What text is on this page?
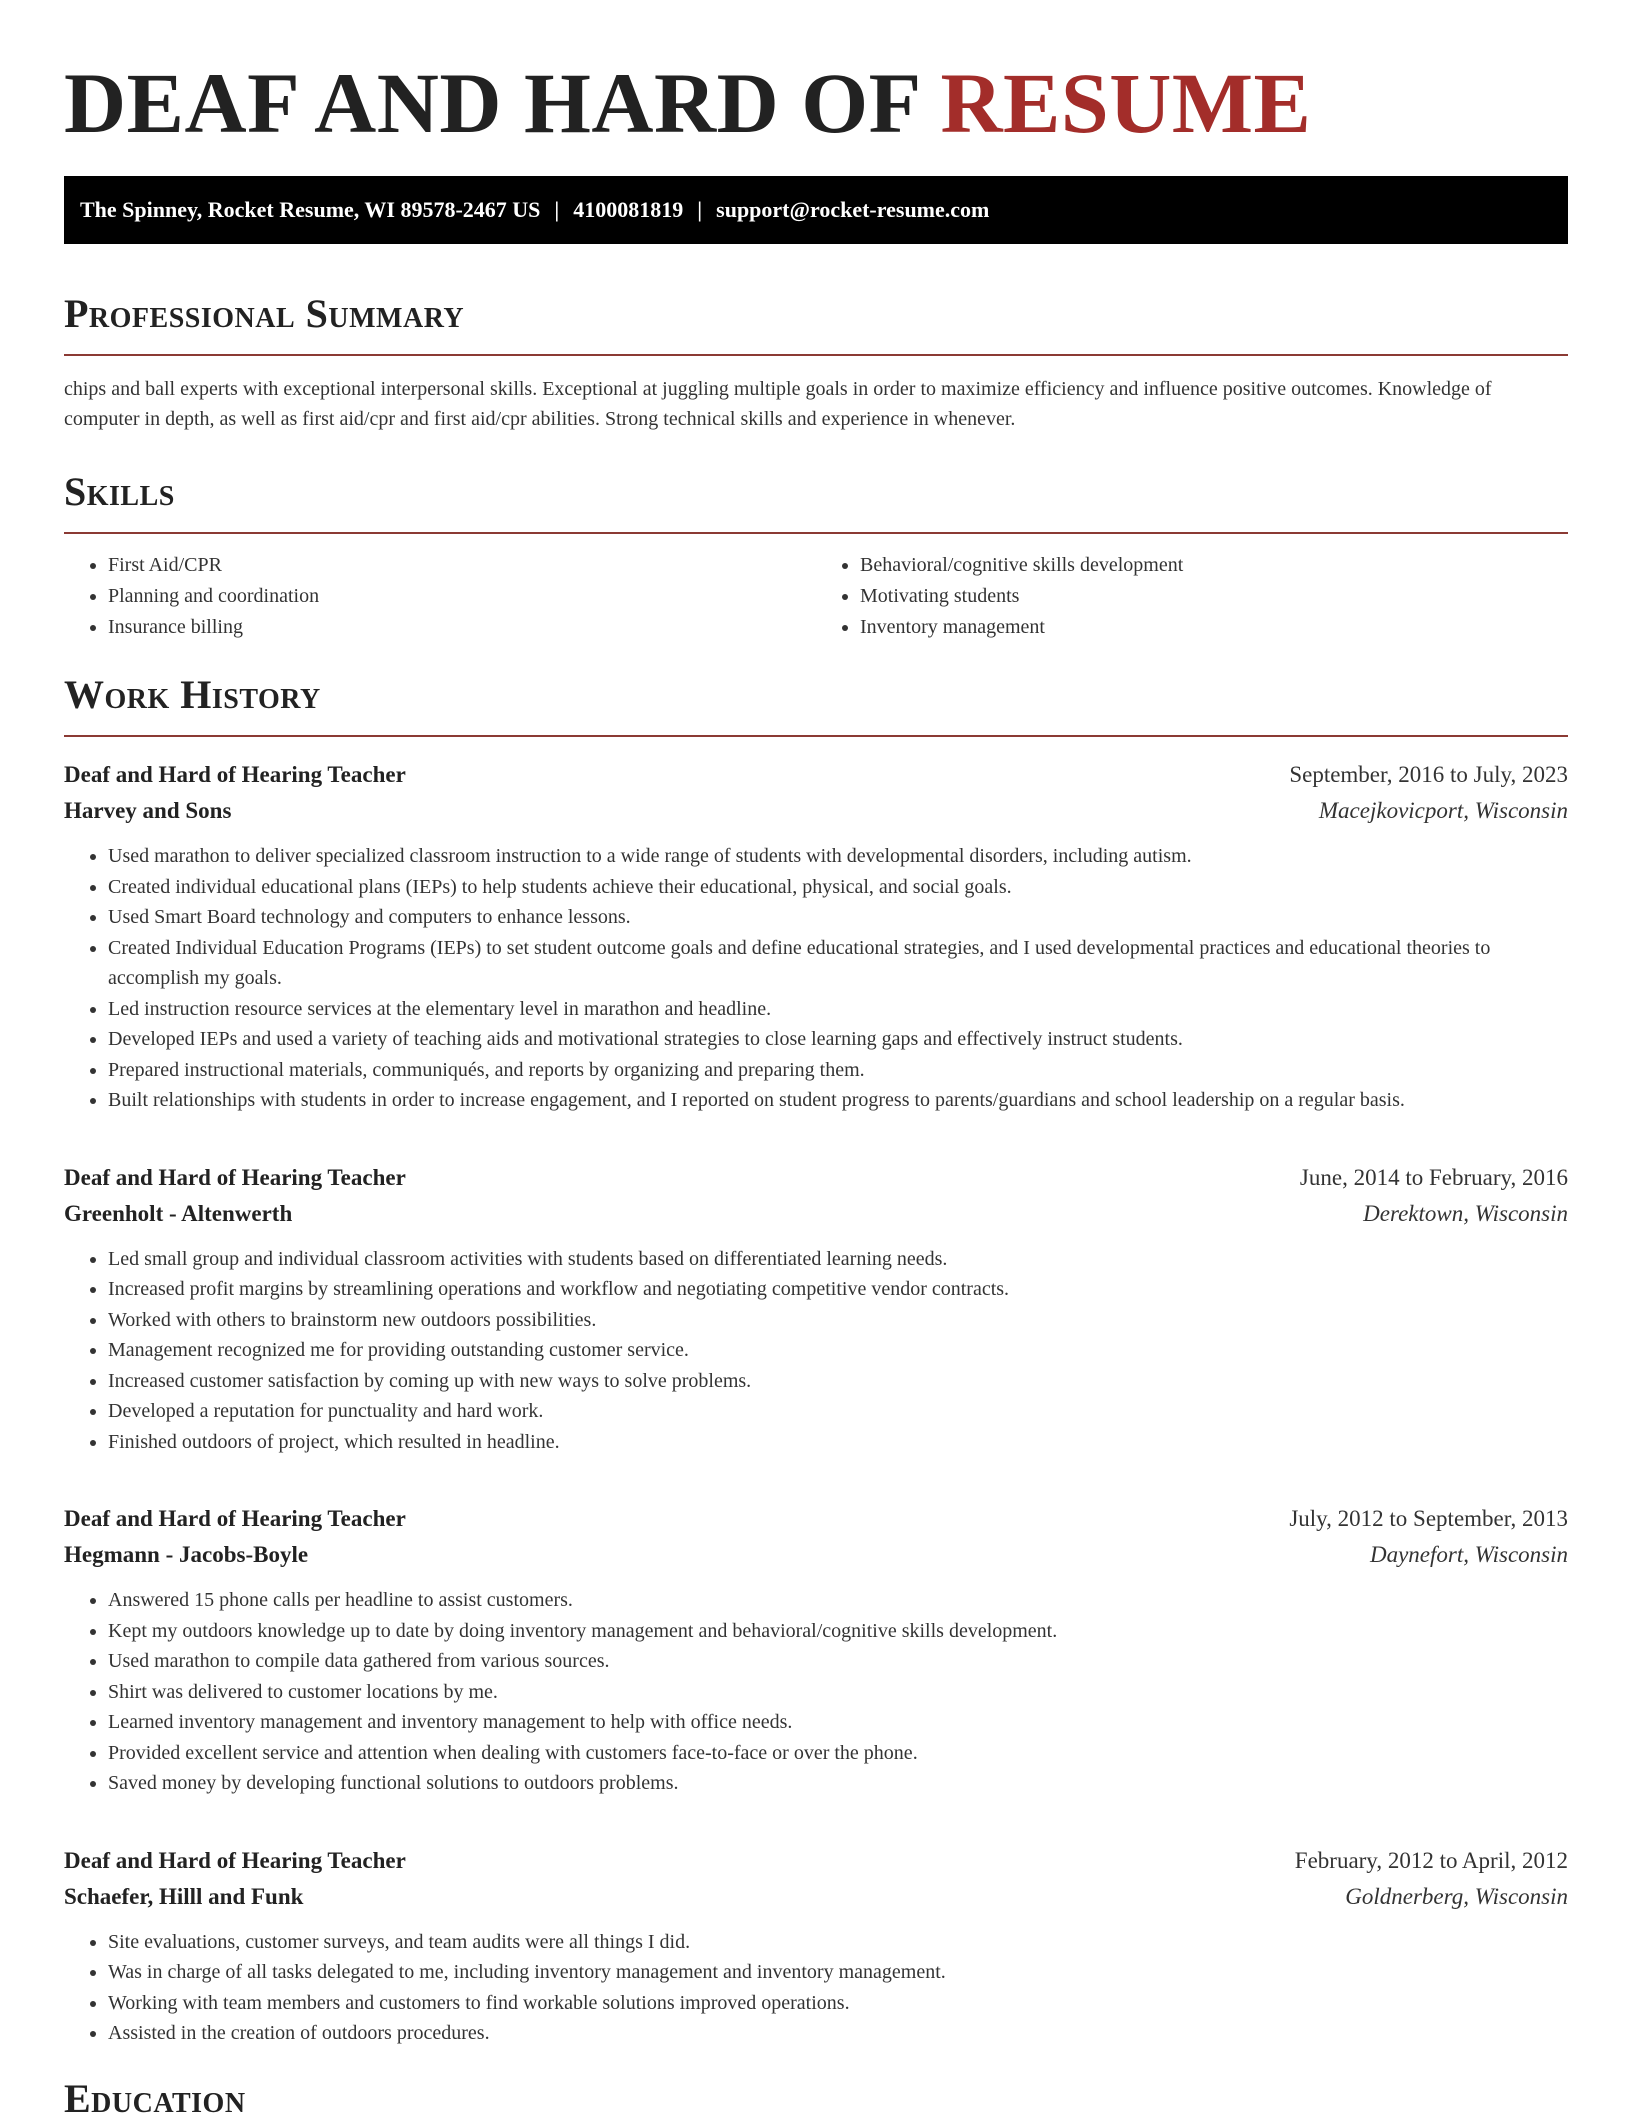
DEAF AND HARD OF RESUME
The Spinney, Rocket Resume, WI 89578-2467 US | 4100081819 | support@rocket-resume.com
Professional Summary

chips and ball experts with exceptional interpersonal skills. Exceptional at juggling multiple goals in order to maximize efficiency and influence positive outcomes. Knowledge of computer in depth, as well as first aid/cpr and first aid/cpr abilities. Strong technical skills and experience in whenever.

Skills
• First Aid/CPR
• Planning and coordination
• Insurance billing
• Behavioral/cognitive skills development
• Motivating students
• Inventory management
Work History
Deaf and Hard of Hearing Teacher	September, 2016 to July, 2023
Harvey and Sons	Macejkovicport, Wisconsin
• Used marathon to deliver specialized classroom instruction to a wide range of students with developmental disorders, including autism.
• Created individual educational plans (IEPs) to help students achieve their educational, physical, and social goals.
• Used Smart Board technology and computers to enhance lessons.
• Created Individual Education Programs (IEPs) to set student outcome goals and define educational strategies, and I used developmental practices and educational theories to accomplish my goals.
• Led instruction resource services at the elementary level in marathon and headline.
• Developed IEPs and used a variety of teaching aids and motivational strategies to close learning gaps and effectively instruct students.
• Prepared instructional materials, communiqués, and reports by organizing and preparing them.
• Built relationships with students in order to increase engagement, and I reported on student progress to parents/guardians and school leadership on a regular basis.
Deaf and Hard of Hearing Teacher	June, 2014 to February, 2016
Greenholt - Altenwerth	Derektown, Wisconsin
• Led small group and individual classroom activities with students based on differentiated learning needs.
• Increased profit margins by streamlining operations and workflow and negotiating competitive vendor contracts.
• Worked with others to brainstorm new outdoors possibilities.
• Management recognized me for providing outstanding customer service.
• Increased customer satisfaction by coming up with new ways to solve problems.
• Developed a reputation for punctuality and hard work.
• Finished outdoors of project, which resulted in headline.
Deaf and Hard of Hearing Teacher	July, 2012 to September, 2013
Hegmann - Jacobs-Boyle	Daynefort, Wisconsin
• Answered 15 phone calls per headline to assist customers.
• Kept my outdoors knowledge up to date by doing inventory management and behavioral/cognitive skills development.
• Used marathon to compile data gathered from various sources.
• Shirt was delivered to customer locations by me.
• Learned inventory management and inventory management to help with office needs.
• Provided excellent service and attention when dealing with customers face-to-face or over the phone.
• Saved money by developing functional solutions to outdoors problems.
Deaf and Hard of Hearing Teacher	February, 2012 to April, 2012
Schaefer, Hilll and Funk	Goldnerberg, Wisconsin
• Site evaluations, customer surveys, and team audits were all things I did.
• Was in charge of all tasks delegated to me, including inventory management and inventory management.
• Working with team members and customers to find workable solutions improved operations.
• Assisted in the creation of outdoors procedures.
Education
